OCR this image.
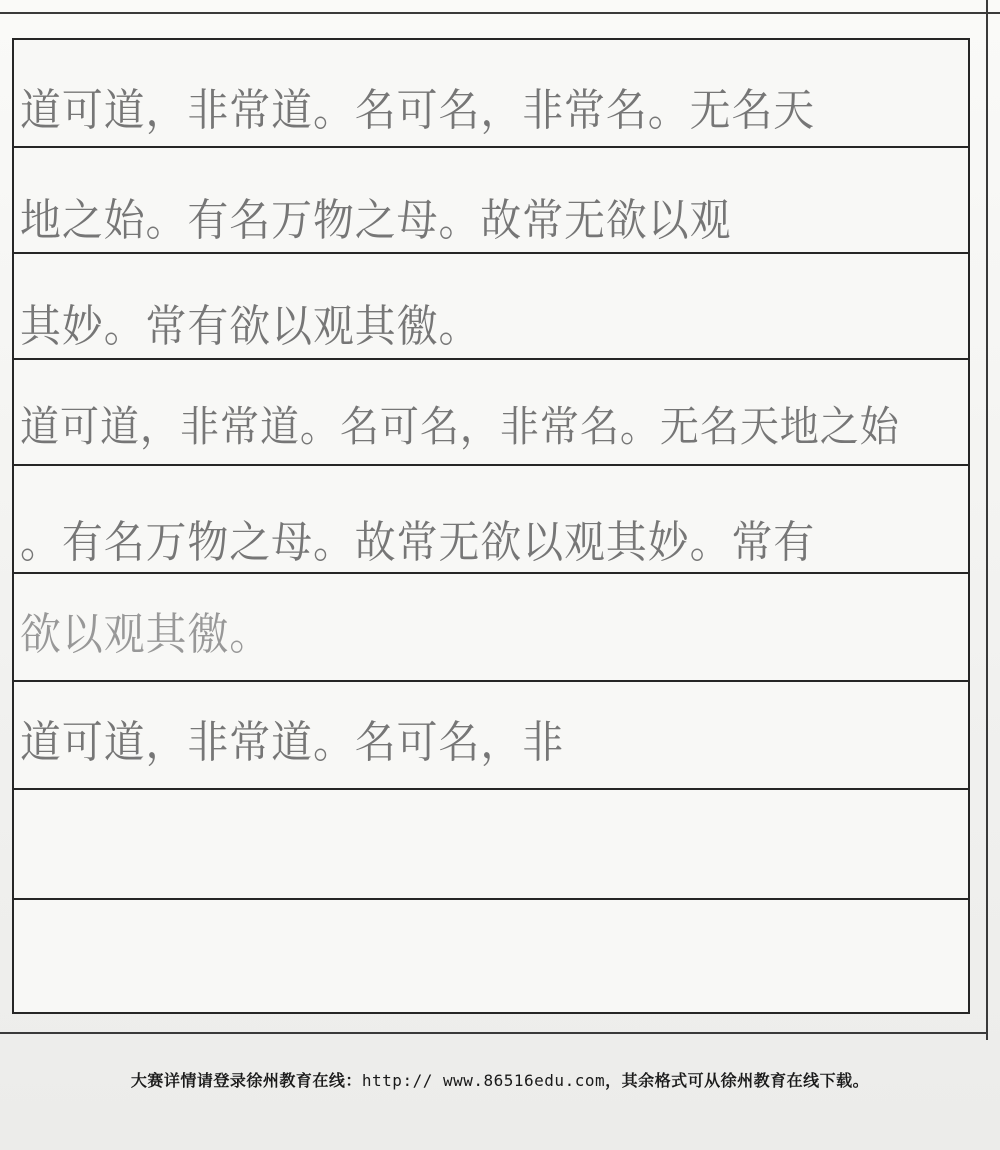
道可道，非常道。名可名，非常名。无名天
地之始。有名万物之母。故常无欲以观
其妙。常有欲以观其徼。
道可道，非常道。名可名，非常名。无名天地之始
。有名万物之母。故常无欲以观其妙。常有
欲以观其徼。
道可道，非常道。名可名，非
大赛详情请登录徐州教育在线：http:// www.86516edu.com，其余格式可从徐州教育在线下载。
